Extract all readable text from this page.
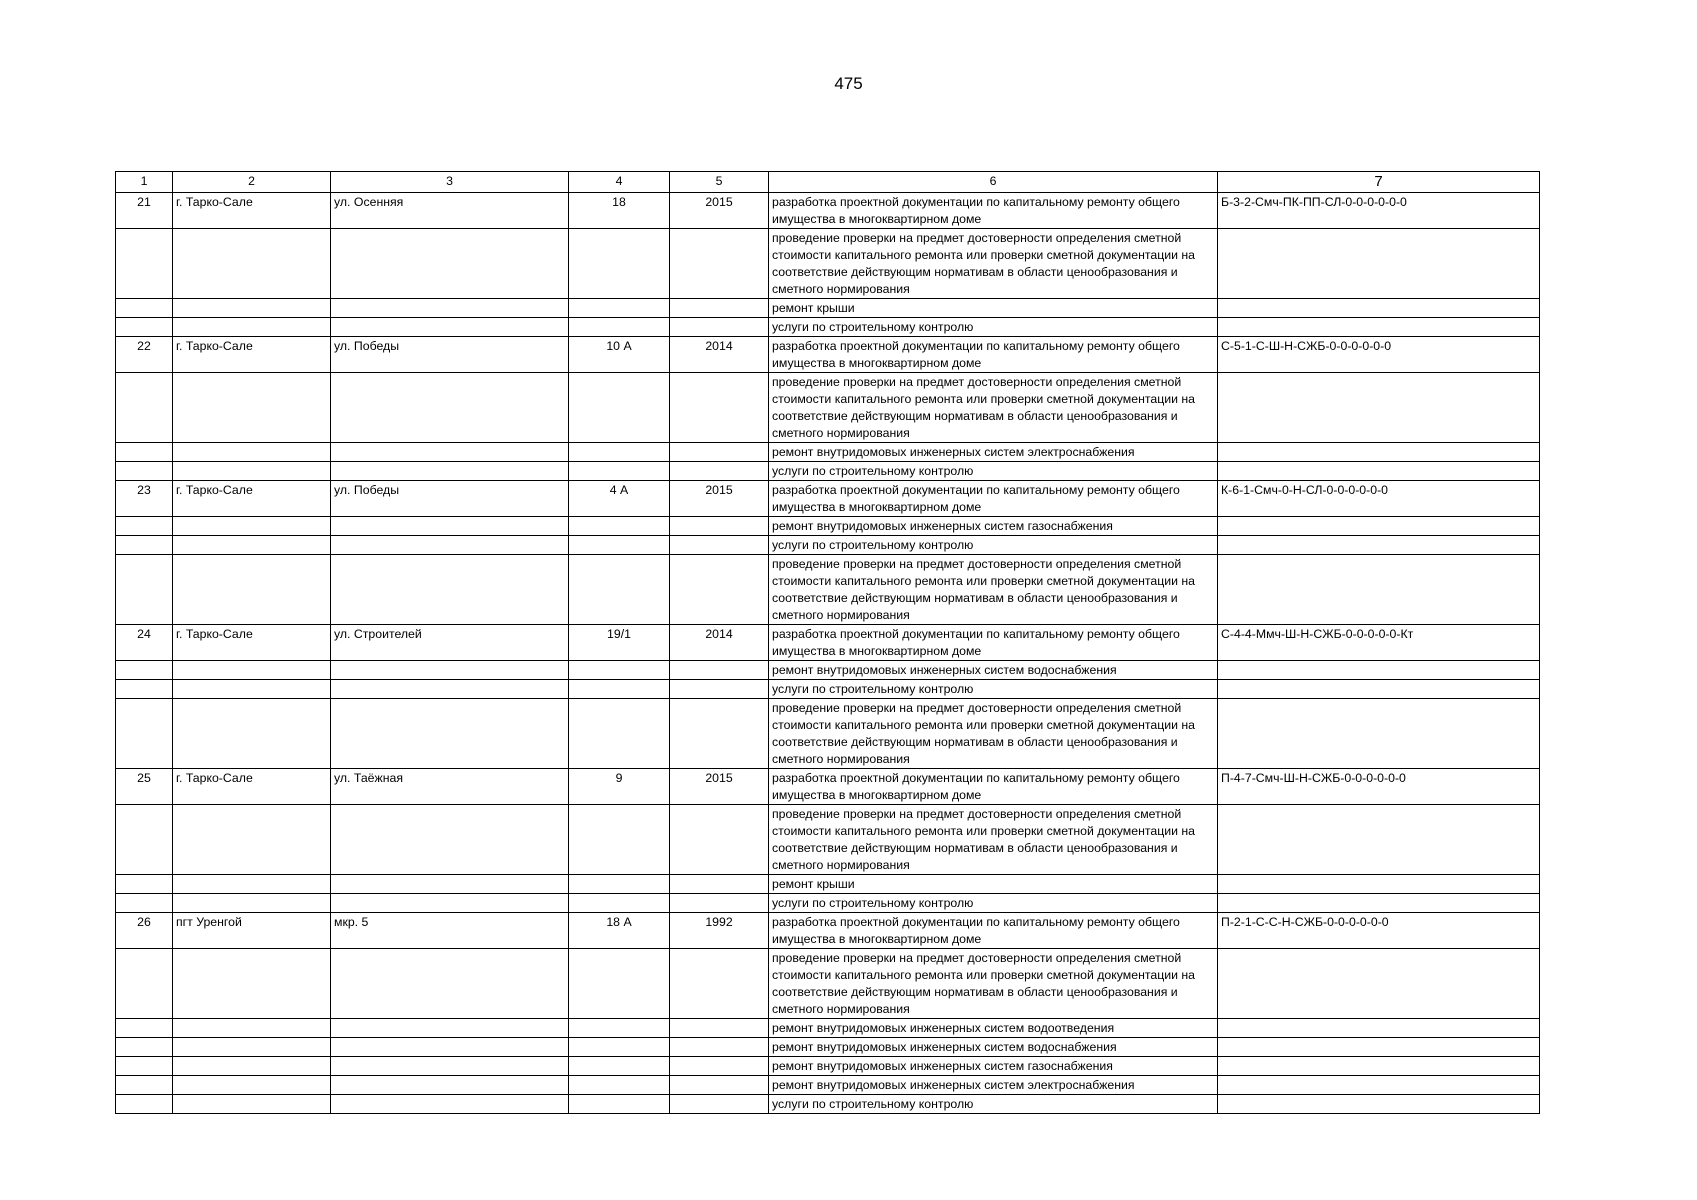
475
1	2	3	4	5	6	7
21	г. Тарко-Сале	ул. Осенняя	18	2015	разработка проектной документации по капитальному ремонту общего имущества в многоквартирном доме	Б-3-2-Смч-ПК-ПП-СЛ-0-0-0-0-0-0
					проведение проверки на предмет достоверности определения сметной стоимости капитального ремонта или проверки сметной документации на соответствие действующим нормативам в области ценообразования и сметного нормирования	
					ремонт крыши	
					услуги по строительному контролю	
22	г. Тарко-Сале	ул. Победы	10 А	2014	разработка проектной документации по капитальному ремонту общего имущества в многоквартирном доме	С-5-1-С-Ш-Н-СЖБ-0-0-0-0-0-0
					проведение проверки на предмет достоверности определения сметной стоимости капитального ремонта или проверки сметной документации на соответствие действующим нормативам в области ценообразования и сметного нормирования	
					ремонт внутридомовых инженерных систем электроснабжения	
					услуги по строительному контролю	
23	г. Тарко-Сале	ул. Победы	4 А	2015	разработка проектной документации по капитальному ремонту общего имущества в многоквартирном доме	К-6-1-Смч-0-Н-СЛ-0-0-0-0-0-0
					ремонт внутридомовых инженерных систем газоснабжения	
					услуги по строительному контролю	
					проведение проверки на предмет достоверности определения сметной стоимости капитального ремонта или проверки сметной документации на соответствие действующим нормативам в области ценообразования и сметного нормирования	
24	г. Тарко-Сале	ул. Строителей	19/1	2014	разработка проектной документации по капитальному ремонту общего имущества в многоквартирном доме	С-4-4-Ммч-Ш-Н-СЖБ-0-0-0-0-0-Кт
					ремонт внутридомовых инженерных систем водоснабжения	
					услуги по строительному контролю	
					проведение проверки на предмет достоверности определения сметной стоимости капитального ремонта или проверки сметной документации на соответствие действующим нормативам в области ценообразования и сметного нормирования	
25	г. Тарко-Сале	ул. Таёжная	9	2015	разработка проектной документации по капитальному ремонту общего имущества в многоквартирном доме	П-4-7-Смч-Ш-Н-СЖБ-0-0-0-0-0-0
					проведение проверки на предмет достоверности определения сметной стоимости капитального ремонта или проверки сметной документации на соответствие действующим нормативам в области ценообразования и сметного нормирования	
					ремонт крыши	
					услуги по строительному контролю	
26	пгт Уренгой	мкр. 5	18 А	1992	разработка проектной документации по капитальному ремонту общего имущества в многоквартирном доме	П-2-1-С-С-Н-СЖБ-0-0-0-0-0-0
					проведение проверки на предмет достоверности определения сметной стоимости капитального ремонта или проверки сметной документации на соответствие действующим нормативам в области ценообразования и сметного нормирования	
					ремонт внутридомовых инженерных систем водоотведения	
					ремонт внутридомовых инженерных систем водоснабжения	
					ремонт внутридомовых инженерных систем газоснабжения	
					ремонт внутридомовых инженерных систем электроснабжения	
					услуги по строительному контролю	
